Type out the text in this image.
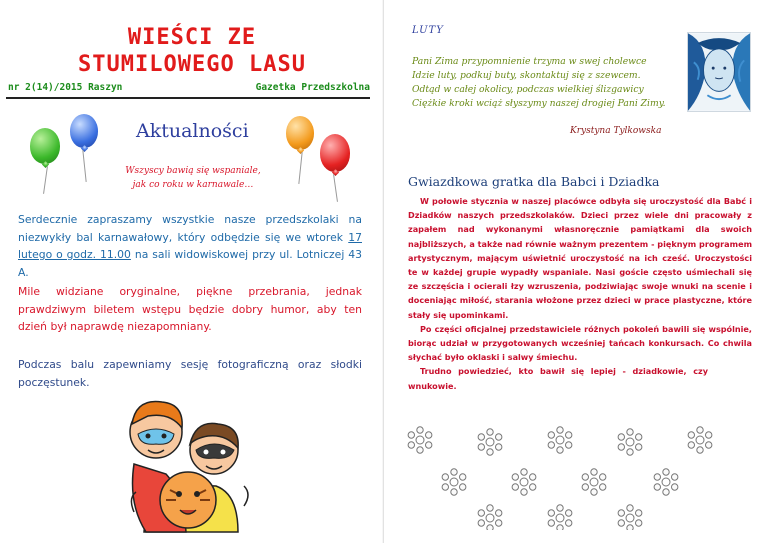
WIEŚCI ZE
STUMILOWEGO LASU
nr 2(14)/2015 Raszyn	Gazetka Przedszkolna
Aktualności
Wszyscy bawią się wspaniale,
jak co roku w karnawale…
Serdecznie zapraszamy wszystkie nasze przedszkolaki na niezwykły bal karnawałowy, który odbędzie się we wtorek 17 lutego o godz. 11.00 na sali widowiskowej przy ul. Lotniczej 43 A.
Mile widziane oryginalne, piękne przebrania, jednak prawdziwym biletem wstępu będzie dobry humor, aby ten dzień był naprawdę niezapomniany.
Podczas balu zapewniamy sesję fotograficzną oraz słodki poczęstunek.
LUTY
Pani Zima przypomnienie trzyma w swej cholewce
Idzie luty, podkuj buty, skontaktuj się z szewcem.
Odtąd w całej okolicy, podczas wielkiej ślizgawicy
Ciężkie kroki wciąż słyszymy naszej drogiej Pani Zimy.
Krystyna Tylkowska
Gwiazdkowa gratka dla Babci i Dziadka

W połowie stycznia w naszej placówce odbyła się uroczystość dla Babć i Dziadków naszych przedszkolaków. Dzieci przez wiele dni pracowały z zapałem nad wykonanymi własnoręcznie pamiątkami dla swoich najbliższych, a także nad równie ważnym prezentem - pięknym programem artystycznym, mającym uświetnić uroczystość na ich cześć. Uroczystości te w każdej grupie wypadły wspaniale. Nasi goście często uśmiechali się ze szczęścia i ocierali łzy wzruszenia, podziwiając swoje wnuki na scenie i doceniając miłość, starania włożone przez dzieci w prace plastyczne, które stały się upominkami.

Po części oficjalnej przedstawiciele różnych pokoleń bawili się wspólnie, biorąc udział w przygotowanych wcześniej tańcach konkursach. Co chwila słychać było oklaski i salwy śmiechu.

Trudno powiedzieć, kto bawił się lepiej - dziadkowie, czy wnukowie.
